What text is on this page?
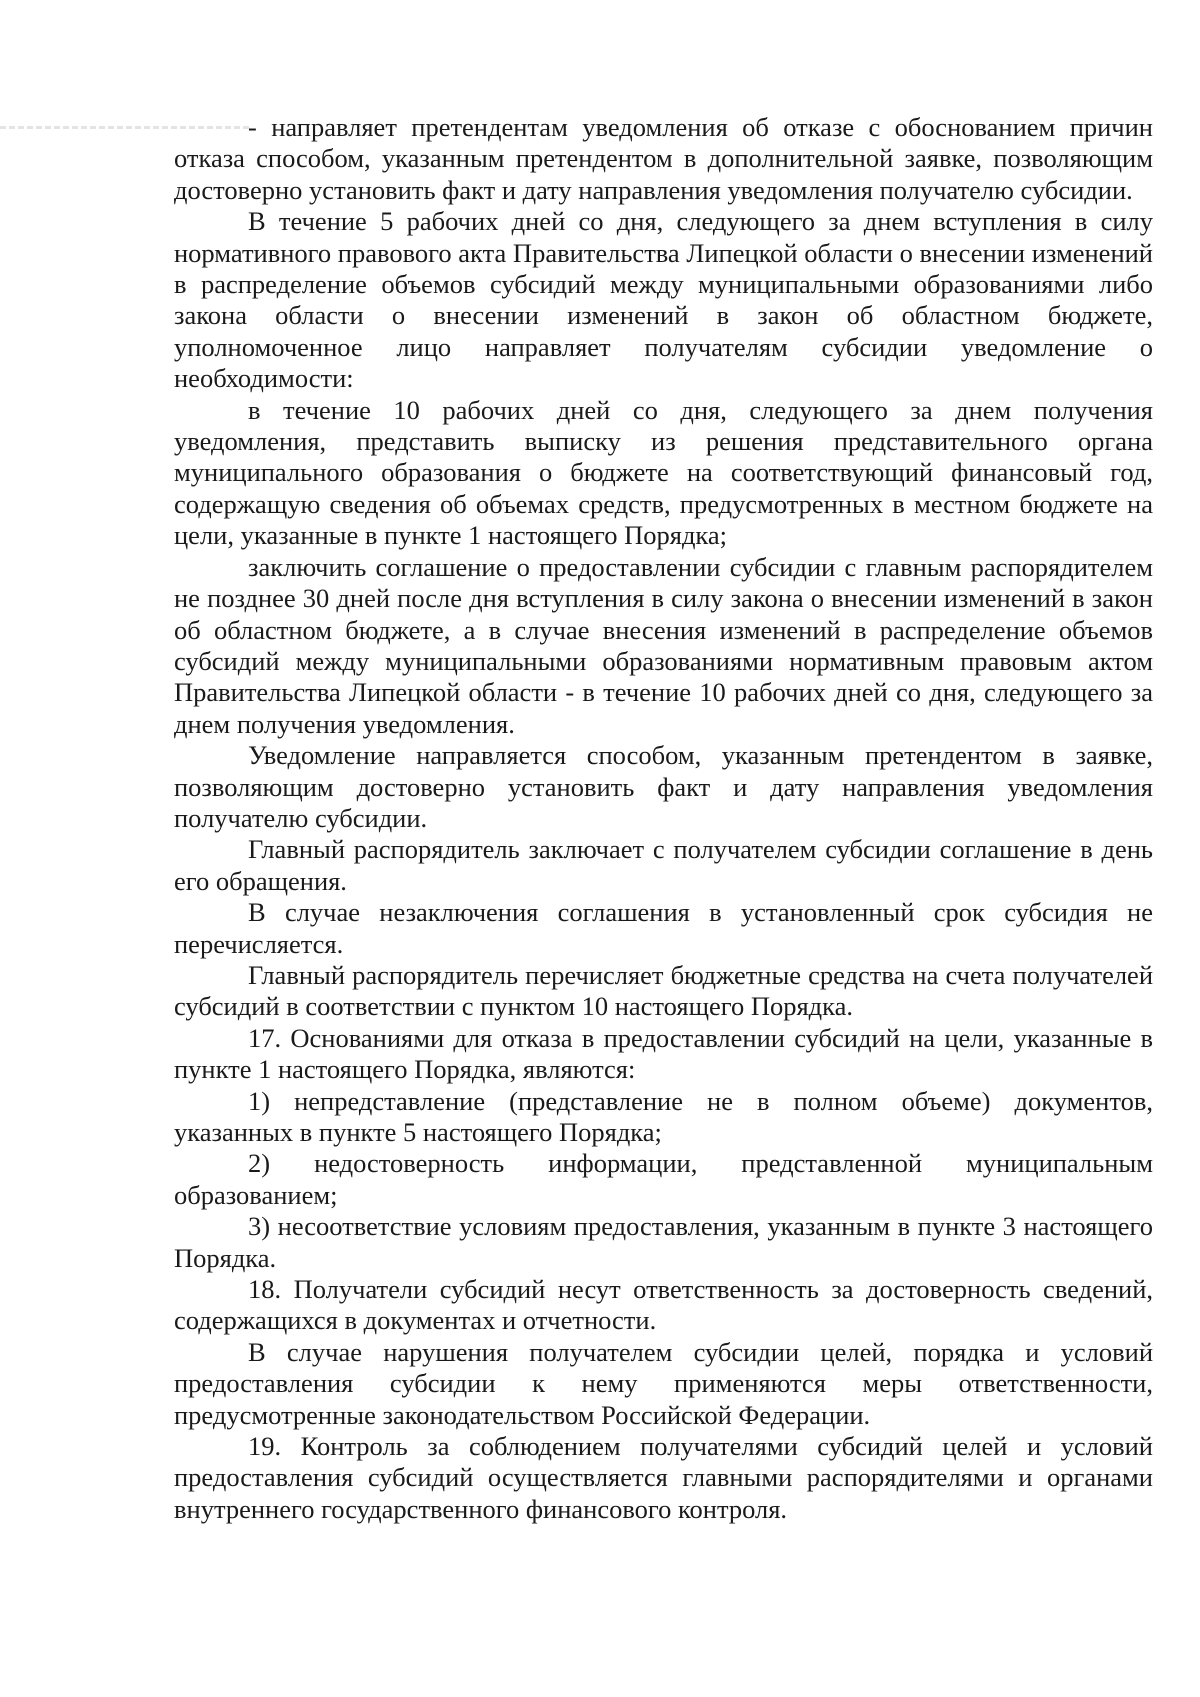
- направляет претендентам уведомления об отказе с обоснованием причин отказа способом, указанным претендентом в дополнительной заявке, позволяющим достоверно установить факт и дату направления уведомления получателю субсидии.

В течение 5 рабочих дней со дня, следующего за днем вступления в силу нормативного правового акта Правительства Липецкой области о внесении изменений в распределение объемов субсидий между муниципальными образованиями либо закона области о внесении изменений в закон об областном бюджете, уполномоченное лицо направляет получателям субсидии уведомление о необходимости:

в течение 10 рабочих дней со дня, следующего за днем получения уведомления, представить выписку из решения представительного органа муниципального образования о бюджете на соответствующий финансовый год, содержащую сведения об объемах средств, предусмотренных в местном бюджете на цели, указанные в пункте 1 настоящего Порядка;

заключить соглашение о предоставлении субсидии с главным распорядителем не позднее 30 дней после дня вступления в силу закона о внесении изменений в закон об областном бюджете, а в случае внесения изменений в распределение объемов субсидий между муниципальными образованиями нормативным правовым актом Правительства Липецкой области - в течение 10 рабочих дней со дня, следующего за днем получения уведомления.

Уведомление направляется способом, указанным претендентом в заявке, позволяющим достоверно установить факт и дату направления уведомления получателю субсидии.

Главный распорядитель заключает с получателем субсидии соглашение в день его обращения.

В случае незаключения соглашения в установленный срок субсидия не перечисляется.

Главный распорядитель перечисляет бюджетные средства на счета получателей субсидий в соответствии с пунктом 10 настоящего Порядка.

17. Основаниями для отказа в предоставлении субсидий на цели, указанные в пункте 1 настоящего Порядка, являются:

1) непредставление (представление не в полном объеме) документов, указанных в пункте 5 настоящего Порядка;

2) недостоверность информации, представленной муниципальным образованием;

3) несоответствие условиям предоставления, указанным в пункте 3 настоящего Порядка.

18. Получатели субсидий несут ответственность за достоверность сведений, содержащихся в документах и отчетности.

В случае нарушения получателем субсидии целей, порядка и условий предоставления субсидии к нему применяются меры ответственности, предусмотренные законодательством Российской Федерации.

19. Контроль за соблюдением получателями субсидий целей и условий предоставления субсидий осуществляется главными распорядителями и органами внутреннего государственного финансового контроля.
